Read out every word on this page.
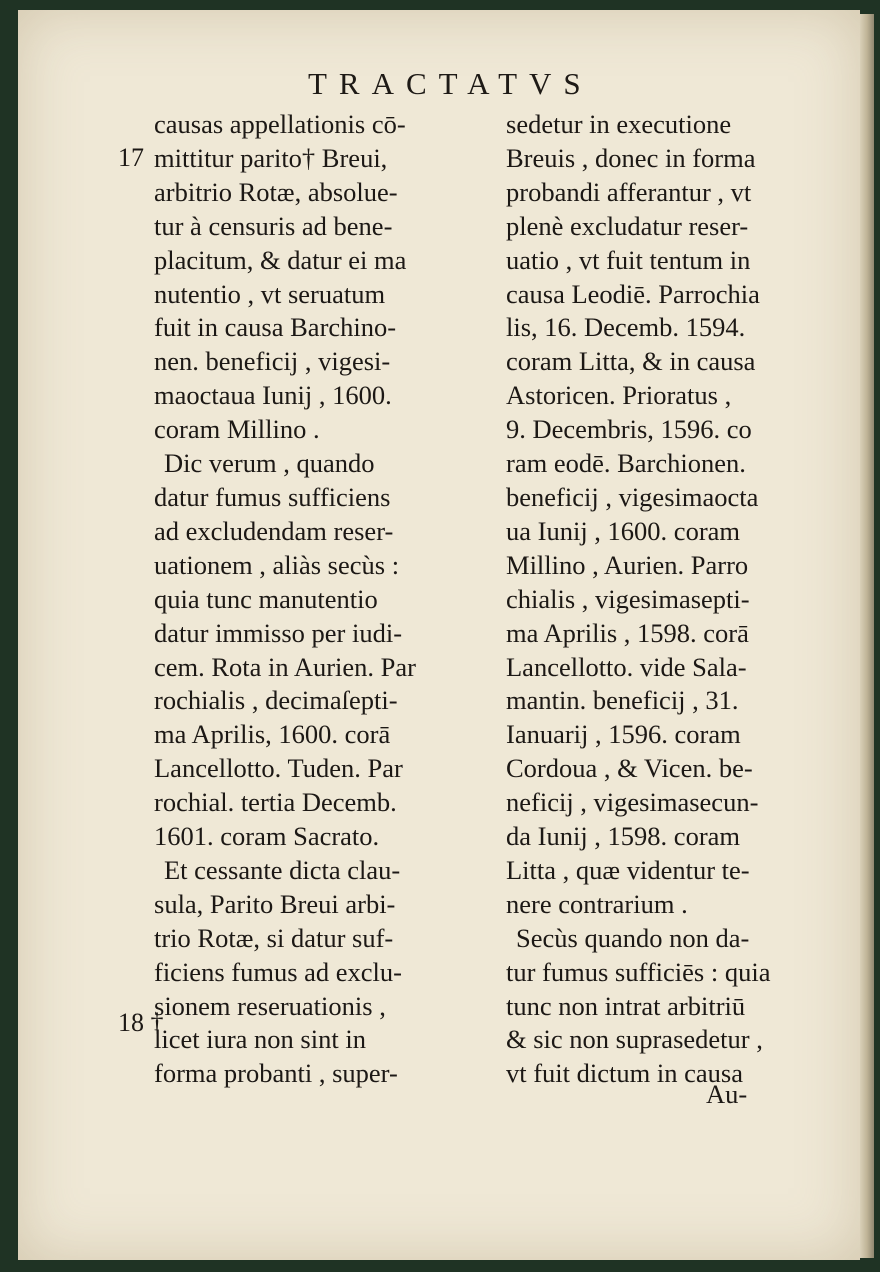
TRACTATVS
17
18 †
causas appellationis cō-
mittitur parito† Breui,
arbitrio Rotæ, absolue-
tur à censuris ad bene-
placitum, & datur ei ma
nutentio , vt seruatum
fuit in causa Barchino-
nen. beneficij , vigesi-
maoctaua Iunij , 1600.
coram Millino .
Dic verum , quando
datur fumus sufficiens
ad excludendam reser-
uationem , aliàs secùs :
quia tunc manutentio
datur immisso per iudi-
cem. Rota in Aurien. Par
rochialis , decimaſepti-
ma Aprilis, 1600. corā
Lancellotto. Tuden. Par
rochial. tertia Decemb.
1601. coram Sacrato.
Et cessante dicta clau-
sula, Parito Breui arbi-
trio Rotæ, si datur suf-
ficiens fumus ad exclu-
sionem reseruationis ,
licet iura non sint in
forma probanti , super-
sedetur in executione
Breuis , donec in forma
probandi afferantur , vt
plenè excludatur reser-
uatio , vt fuit tentum in
causa Leodiē. Parrochia
lis, 16. Decemb. 1594.
coram Litta, & in causa
Astoricen. Prioratus ,
9. Decembris, 1596. co
ram eodē. Barchionen.
beneficij , vigesimaocta
ua Iunij , 1600. coram
Millino , Aurien. Parro
chialis , vigesimasepti-
ma Aprilis , 1598. corā
Lancellotto. vide Sala-
mantin. beneficij , 31.
Ianuarij , 1596. coram
Cordoua , & Vicen. be-
neficij , vigesimasecun-
da Iunij , 1598. coram
Litta , quæ videntur te-
nere contrarium .
Secùs quando non da-
tur fumus sufficiēs : quia
tunc non intrat arbitriū
& sic non suprasedetur ,
vt fuit dictum in causa
Au-
